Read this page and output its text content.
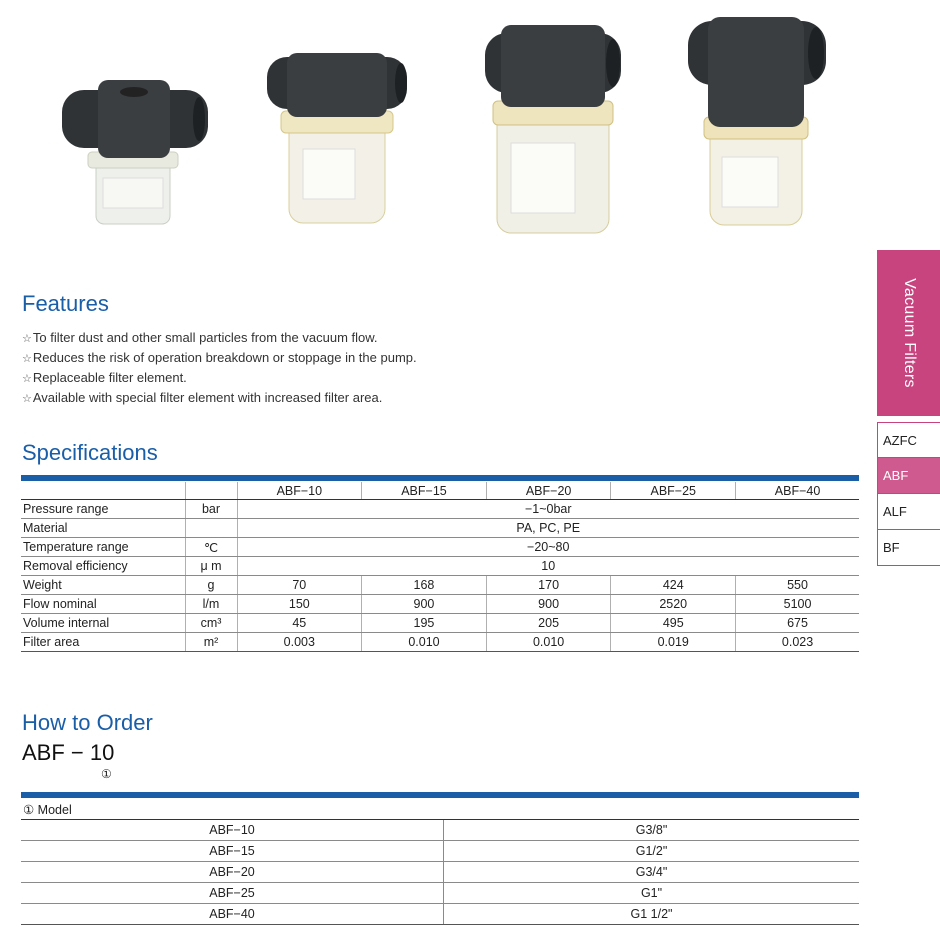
Vacuum Filters
AZFC
ABF
ALF
BF
Features
☆To filter dust and other small particles from the vacuum flow.
☆Reduces the risk of operation breakdown or stoppage in the pump.
☆Replaceable filter element.
☆Available with special filter element with increased filter area.
Specifications
		ABF−10	ABF−15	ABF−20	ABF−25	ABF−40
Pressure range	bar	−1~0bar				
Material		PA, PC, PE				
Temperature range	℃	−20~80				
Removal efficiency	μ m	10				
Weight	g	70	168	170	424	550
Flow nominal	l/m	150	900	900	2520	5100
Volume internal	cm³	45	195	205	495	675
Filter area	m²	0.003	0.010	0.010	0.019	0.023
How to Order
ABF − 10
①
① Model	
ABF−10	G3/8"
ABF−15	G1/2"
ABF−20	G3/4"
ABF−25	G1"
ABF−40	G1 1/2"
